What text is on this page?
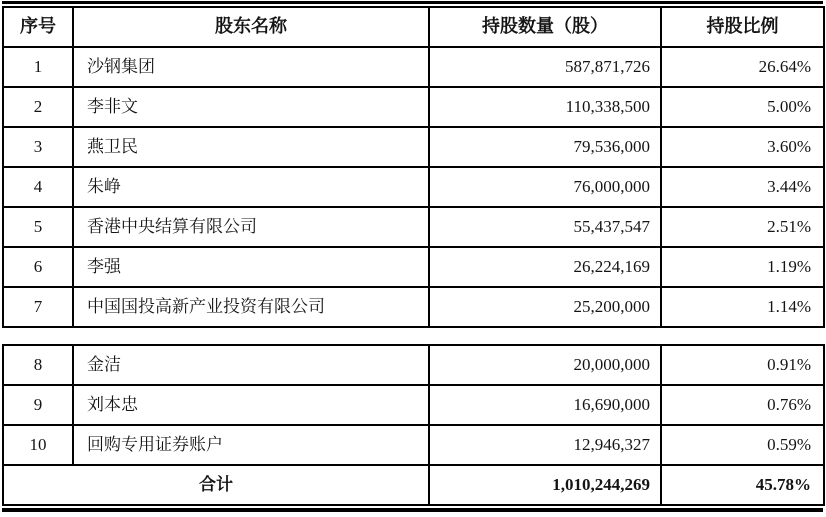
序号	股东名称	持股数量（股）	持股比例
1	沙钢集团	587,871,726	26.64%
2	李非文	110,338,500	5.00%
3	燕卫民	79,536,000	3.60%
4	朱峥	76,000,000	3.44%
5	香港中央结算有限公司	55,437,547	2.51%
6	李强	26,224,169	1.19%
7	中国国投高新产业投资有限公司	25,200,000	1.14%
8	金洁	20,000,000	0.91%
9	刘本忠	16,690,000	0.76%
10	回购专用证券账户	12,946,327	0.59%
合计		1,010,244,269	45.78%
